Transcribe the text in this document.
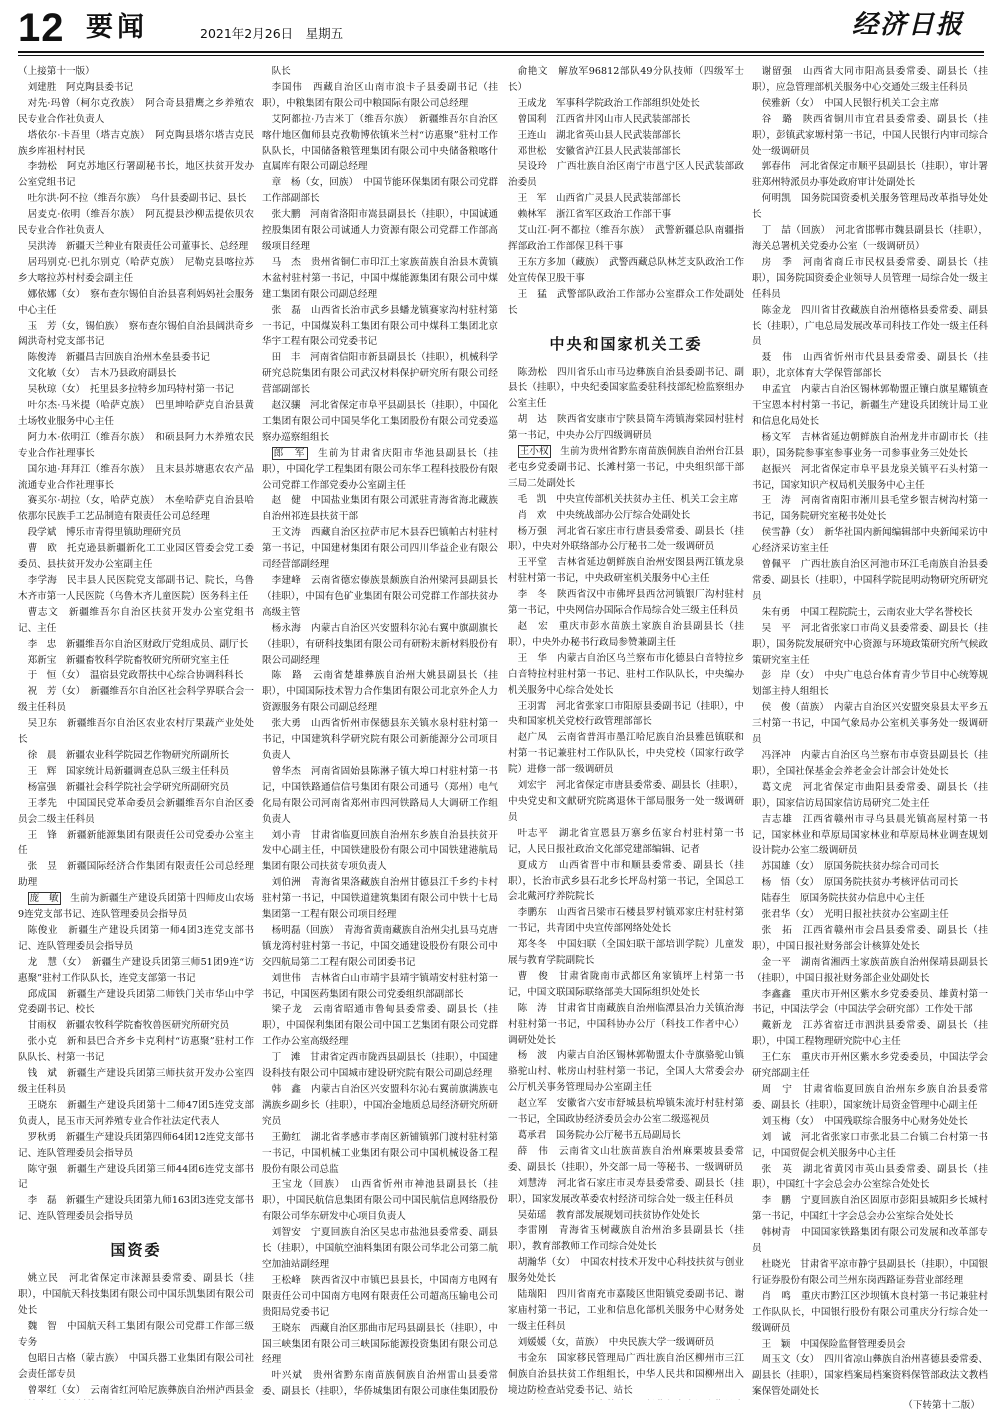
12 要闻	2021年2月26日　星期五	经济日报
（上接第十一版）

刘建胜　阿克陶县委书记

对先·玛曾（柯尔克孜族）　阿合奇县猎鹰之乡养殖农民专业合作社负责人

塔依尔·卡吾里（塔吉克族）　阿克陶县塔尔塔吉克民族乡库祖村村民

李勃松　阿克苏地区行署副秘书长，地区扶贫开发办公室党组书记

吐尔洪·阿不拉（维吾尔族）　乌什县委副书记、县长

居麦克·依明（维吾尔族）　阿瓦提县沙柳盂提依贝农民专业合作社负责人

吴洪涛　新疆天兰种业有限责任公司董事长、总经理

居玛别克·巴扎尔别克（哈萨克族）　尼勒克县喀拉苏乡大喀拉苏村村委会副主任

娜依娜（女）　察布查尔锡伯自治县喜利妈妈社会服务中心主任

玉　芳（女，锡伯族）　察布查尔锡伯自治县阔洪奇乡阔洪奇村党支部书记

陈俊涛　新疆昌吉回族自治州木垒县委书记

文化敏（女）　吉木乃县政府副县长

吴秋琼（女）　托里县多拉特乡加玛特村第一书记

叶尔杰·马米提（哈萨克族）　巴里坤哈萨克自治县黄土场牧业服务中心主任

阿力木·依明江（维吾尔族）　和硕县阿力木养殖农民专业合作社理事长

国尔迪·拜拜江（维吾尔族）　且末县苏塘惠农农产品流通专业合作社理事长

赛买尔·胡拉（女，哈萨克族）　木垒哈萨克自治县哈依那尔民族手工艺品制造有限责任公司总经理

段学斌　博乐市青得里镇助理研究员

曹　欧　托克逊县新疆新化工工业园区管委会党工委委员、县扶贫开发办公室副主任

李学海　民丰县人民医院党支部副书记、院长，乌鲁木齐市第一人民医院（乌鲁木齐儿童医院）医务科主任

曹志文　新疆维吾尔自治区扶贫开发办公室党组书记、主任

李　忠　新疆维吾尔自治区财政厅党组成员、副厅长

郑新宝　新疆畜牧科学院畜牧研究所研究室主任

于　恒（女）　温宿县党政帮扶中心综合协调科科长

祝　芳（女）　新疆维吾尔自治区社会科学界联合会一级主任科员

吴卫东　新疆维吾尔自治区农业农村厅果蔬产业处处长

徐　晨　新疆农业科学院园艺作物研究所副所长

王　辉　国家统计局新疆调查总队三级主任科员

杨富强　新疆社会科学院社会学研究所副研究员

王孝先　中国国民党革命委员会新疆维吾尔自治区委员会二级主任科员

王　锋　新疆新能源集团有限责任公司党委办公室主任

张　昱　新疆国际经济合作集团有限责任公司总经理助理

庞　敏　生前为新疆生产建设兵团第十四师皮山农场9连党支部书记、连队管理委员会指导员

陈俊业　新疆生产建设兵团第一师4团3连党支部书记、连队管理委员会指导员

龙　慧（女）　新疆生产建设兵团第三师51团9连“访惠聚”驻村工作队队长，连党支部第一书记

邱成国　新疆生产建设兵团第二师铁门关市华山中学党委副书记、校长

甘雨权　新疆农牧科学院畜牧兽医研究所研究员

张小克　新和县巴合齐乡卡克利村“访惠聚”驻村工作队队长、村第一书记

钱　斌　新疆生产建设兵团第三师扶贫开发办公室四级主任科员

王晓东　新疆生产建设兵团第十二师47团5连党支部负责人，昆玉市天河养殖专业合作社法定代表人

罗秋勇　新疆生产建设兵团第四师64团12连党支部书记、连队管理委员会指导员

陈守强　新疆生产建设兵团第三师44团6连党支部书记

李　磊　新疆生产建设兵团第九师163团3连党支部书记、连队管理委员会指导员

国资委

姚立民　河北省保定市涞源县委常委、副县长（挂职），中国航天科技集团有限公司中国乐凯集团有限公司处长

魏　智　中国航天科工集团有限公司党群工作部三级专务

包昭日古格（蒙古族）　中国兵器工业集团有限公司社会责任部专员

曾翠红（女）　云南省红河哈尼族彝族自治州泸西县金

队长

李国伟　西藏自治区山南市浪卡子县委副书记（挂职），中粮集团有限公司中粮国际有限公司总经理

艾阿都拉·乃吉米丁（维吾尔族）　新疆维吾尔自治区喀什地区伽师县克孜勒博依镇米兰村“访惠聚”驻村工作队队长，中国储备粮管理集团有限公司中央储备粮喀什直属库有限公司副总经理

章　杨（女，回族）　中国节能环保集团有限公司党群工作部副部长

张大鹏　河南省洛阳市嵩县副县长（挂职），中国诚通控股集团有限公司诚通人力资源有限公司党群工作部高级项目经理

马　杰　贵州省铜仁市印江土家族苗族自治县木黄镇木盆村驻村第一书记，中国中煤能源集团有限公司中煤建工集团有限公司副总经理

张　磊　山西省长治市武乡县蟠龙镇赛家沟村驻村第一书记，中国煤炭科工集团有限公司中煤科工集团北京华宇工程有限公司党委书记

田　丰　河南省信阳市新县副县长（挂职），机械科学研究总院集团有限公司武汉材料保护研究所有限公司经营部副部长

赵汉骧　河北省保定市阜平县副县长（挂职），中国化工集团有限公司中国昊华化工集团股份有限公司党委巡察办巡察组组长

郎　军　生前为甘肃省庆阳市华池县副县长（挂职），中国化学工程集团有限公司东华工程科技股份有限公司党群工作部党委办公室副主任

赵　健　中国盐业集团有限公司派驻青海省海北藏族自治州祁连县扶贫干部

王文涛　西藏自治区拉萨市尼木县吞巴镇帕古村驻村第一书记，中国建材集团有限公司四川华益企业有限公司经营部副经理

李建峰　云南省德宏傣族景颇族自治州梁河县副县长（挂职），中国有色矿业集团有限公司党群工作部扶贫办高级主管

杨永海　内蒙古自治区兴安盟科尔沁右翼中旗副旗长（挂职），有研科技集团有限公司有研粉末新材料股份有限公司副经理

陈　路　云南省楚雄彝族自治州大姚县副县长（挂职），中国国际技术智力合作集团有限公司北京外企人力资源服务有限公司副总经理

张大勇　山西省忻州市保德县东关镇水泉村驻村第一书记，中国建筑科学研究院有限公司新能源分公司项目负责人

曾华杰　河南省固始县陈淋子镇大埠口村驻村第一书记，中国铁路通信信号集团有限公司通号（郑州）电气化局有限公司河南省郑州市四河铁路局人大调研工作组负责人

刘小青　甘肃省临夏回族自治州东乡族自治县扶贫开发中心副主任，中国铁建股份有限公司中国铁建港航局集团有限公司扶贫专项负责人

刘伯洲　青海省果洛藏族自治州甘德县江千乡约卡村驻村第一书记，中国铁道建筑集团有限公司中铁十七局集团第一工程有限公司项目经理

杨明磊（回族）　青海省黄南藏族自治州尖扎县马克唐镇龙湾村驻村第一书记，中国交通建设股份有限公司中交四航局第二工程有限公司团委书记

刘世伟　吉林省白山市靖宇县靖宇镇靖安村驻村第一书记，中国医药集团有限公司党委组织部副部长

梁子龙　云南省昭通市鲁甸县委常委、副县长（挂职），中国保利集团有限公司中国工艺集团有限公司党群工作办公室高级经理

丁　滩　甘肃省定西市陇西县副县长（挂职），中国建设科技有限公司中国城市建设研究院有限公司副总经理

韩　鑫　内蒙古自治区兴安盟科尔沁右翼前旗满族屯满族乡副乡长（挂职），中国冶金地质总局经济研究所研究员

王勤红　湖北省孝感市孝南区新铺镇郭门渡村驻村第一书记，中国机械工业集团有限公司中国机械设备工程股份有限公司总监

王宝龙（回族）　山西省忻州市神池县副县长（挂职），中国民航信息集团有限公司中国民航信息网络股份有限公司华东研发中心项目负责人

刘智安　宁夏回族自治区吴忠市盐池县委常委、副县长（挂职），中国航空油料集团有限公司华北公司第二航空加油站副经理

王松峰　陕西省汉中市镇巴县县长，中国南方电网有限责任公司中国南方电网有限责任公司超高压输电公司贵阳局党委书记

王晓东　西藏自治区那曲市尼玛县副县长（挂职），中国三峡集团有限公司三峡国际能源投资集团有限公司总经理

叶兴斌　贵州省黔东南苗族侗族自治州雷山县委常委、副县长（挂职），华侨城集团有限公司康佳集团股份

俞艳文　解放军96812部队49分队技师（四级军士长）

王成龙　军事科学院政治工作部组织处处长

曾国利　江西省井冈山市人民武装部部长

王连山　湖北省英山县人民武装部部长

邓世松　安徽省泸江县人民武装部部长

吴设玲　广西壮族自治区南宁市邕宁区人民武装部政治委员

王　军　山西省广灵县人民武装部部长

赖林军　浙江省军区政治工作部干事

艾山江·阿不都拉（维吾尔族）　武警新疆总队南疆指挥部政治工作部保卫科干事

王东方多加（藏族）　武警西藏总队林芝支队政治工作处宣传保卫股干事

王　猛　武警部队政治工作部办公室群众工作处副处长

中央和国家机关工委

陈劲松　四川省乐山市马边彝族自治县委副书记、副县长（挂职），中央纪委国家监委驻科技部纪检监察组办公室主任

胡　达　陕西省安康市宁陕县筒车湾镇海棠园村驻村第一书记，中央办公厅四级调研员

王小权　生前为贵州省黔东南苗族侗族自治州台江县老屯乡党委副书记、长滩村第一书记，中央组织部干部三局二处副处长

毛　凯　中央宣传部机关扶贫办主任、机关工会主席

肖　欢　中央统战部办公厅综合处副处长

杨万强　河北省石家庄市行唐县委常委、副县长（挂职），中央对外联络部办公厅秘书二处一级调研员

王平堂　吉林省延边朝鲜族自治州安图县两江镇龙泉村驻村第一书记，中央政研室机关服务中心主任

李　冬　陕西省汉中市佛坪县西岔河镇银厂沟村驻村第一书记，中央网信办国际合作局综合处三级主任科员

赵　宏　重庆市彭水苗族土家族自治县副县长（挂职），中央外办秘书行政局参赞兼副主任

王　华　内蒙古自治区乌兰察布市化德县白音特拉乡白音特拉村驻村第一书记、驻村工作队队长，中央编办机关服务中心综合处处长

王羽霄　河北省张家口市阳原县委副书记（挂职），中央和国家机关党校行政管理部部长

赵广凤　云南省普洱市墨江哈尼族自治县雅邑镇联和村第一书记兼驻村工作队队长，中央党校（国家行政学院）进修一部一级调研员

刘宏宇　河北省保定市唐县委常委、副县长（挂职），中央党史和文献研究院离退休干部局服务一处一级调研员

叶志平　湖北省宣恩县万寨乡伍家台村驻村第一书记，人民日报社政治文化部党建部编辑、记者

夏成方　山西省晋中市和顺县委常委、副县长（挂职），长治市武乡县石北乡长坪岛村第一书记，全国总工会北戴河疗养院院长

李鹏东　山西省吕梁市石楼县罗村镇邓家庄村驻村第一书记，共青团中央宣传部网络处处长

郑冬冬　中国妇联（全国妇联干部培训学院）儿童发展与教育学院副院长

曹　俊　甘肃省陇南市武都区角家镇坪上村第一书记，中国文联国际联络部美大国际组织处处长

陈　涛　甘肃省甘南藏族自治州临潭县冶力关镇治海村驻村第一书记，中国科协办公厅（科技工作者中心）调研处处长

杨　波　内蒙古自治区锡林郭勒盟太仆寺旗骆驼山镇骆驼山村、帐房山村驻村第一书记，全国人大常委会办公厅机关事务管理局办公室副主任

赵立军　安徽省六安市舒城县杭埠镇朱流圩村驻村第一书记，全国政协经济委员会办公室二级巡视员

葛承君　国务院办公厅秘书五局副局长

薛　伟　云南省文山壮族苗族自治州麻栗坡县委常委、副县长（挂职），外交部一局一等秘书、一级调研员

刘慧涛　河北省石家庄市灵寿县委常委、副县长（挂职），国家发展改革委农村经济司综合处一级主任科员

吴茹瑶　教育部发展规划司扶贫协作处处长

李雷刚　青海省玉树藏族自治州治多县副县长（挂职），教育部教师工作司综合处处长

胡瀚华（女）　中国农村技术开发中心科技扶贫与创业服务处处长

陆瑞阳　四川省南充市嘉陵区世阳镇党委副书记、谢家庙村第一书记，工业和信息化部机关服务中心财务处一级主任科员

刘媛媛（女，苗族）　中央民族大学一级调研员

韦金东　国家移民管理局广西壮族自治区柳州市三江侗族自治县扶贫工作组组长，中华人民共和国柳州出入境边防检查站党委书记、站长

谢留强　山西省大同市阳高县委常委、副县长（挂职），应急管理部机关服务中心交通处三级主任科员

侯雅新（女）　中国人民银行机关工会主席

谷　璐　陕西省铜川市宜君县委常委、副县长（挂职），彭镇武家塬村第一书记，中国人民银行内审司综合处一级调研员

郭春伟　河北省保定市顺平县副县长（挂职），审计署驻郑州特派员办事处政府审计处副处长

何明凯　国务院国资委机关服务管理局改革指导处处长

丁　喆（回族）　河北省邯郸市魏县副县长（挂职），海关总署机关党委办公室（一级调研员）

房　季　河南省商丘市民权县委常委、副县长（挂职），国务院国资委企业领导人员管理一局综合处一级主任科员

陈金龙　四川省甘孜藏族自治州德格县委常委、副县长（挂职），广电总局发展改革司科技工作处一级主任科员

聂　伟　山西省忻州市代县县委常委、副县长（挂职），北京体育大学保管部部长

申孟宜　内蒙古自治区锡林郭勒盟正镶白旗星耀镇查干宝恩本村村第一书记，新疆生产建设兵团统计局工业和信息化局处长

杨文军　吉林省延边朝鲜族自治州龙井市副市长（挂职），国务院参事室参事业务一司参事业务三处处长

赵振兴　河北省保定市阜平县龙泉关镇平石头村第一书记，国家知识产权局机关服务中心主任

王　涛　河南省南阳市淅川县毛堂乡银吉树沟村第一书记，国务院研究室秘书处处长

侯雪静（女）　新华社国内新闻编辑部中央新闻采访中心经济采访室主任

曾佩平　广西壮族自治区河池市环江毛南族自治县委常委、副县长（挂职），中国科学院昆明动物研究所研究员

朱有勇　中国工程院院士，云南农业大学名誉校长

吴　平　河北省张家口市尚义县委常委、副县长（挂职），国务院发展研究中心资源与环境政策研究所气候政策研究室主任

彭　岸（女）　中央广电总台体育青少节目中心统筹规划部主持人组组长

侯　俊（苗族）　内蒙古自治区兴安盟突泉县太平乡五三村第一书记，中国气象局办公室机关事务处一级调研员

冯泽冲　内蒙古自治区乌兰察布市卓资县副县长（挂职），全国社保基金会养老金会计部会计处处长

葛文虎　河北省保定市曲阳县委常委、副县长（挂职），国家信访局国家信访局研究二处主任

吉志雄　江西省赣州市寻乌县晨光镇高屋村第一书记，国家林业和草原局国家林业和草原局林业调查规划设计院办公室二级调研员

苏国雄（女）　原国务院扶贫办综合司司长

杨　悟（女）　原国务院扶贫办考核评估司司长

陆春生　原国务院扶贫办信息中心主任

张君华（女）　光明日报社扶贫办公室副主任

张　拓　江西省赣州市会昌县委常委、副县长（挂职），中国日报社财务部会计核算处处长

金一平　湖南省湘西土家族苗族自治州保靖县副县长（挂职），中国日报社财务部企业处副处长

李鑫鑫　重庆市开州区紫水乡党委委员、雄黄村第一书记，中国法学会（中国法学会研究部）工作处干部

戴新龙　江苏省宿迁市泗洪县委常委、副县长（挂职），中国工程物理研究院中心主任

王仁东　重庆市开州区紫水乡党委委员，中国法学会研究部副主任

周　宁　甘肃省临夏回族自治州东乡族自治县委常委、副县长（挂职），国家统计局资金管理中心副主任

刘玉梅（女）　中国残联综合服务中心财务处处长

刘　诚　河北省张家口市张北县二台镇二台村第一书记，中国贸促会机关服务中心主任

张　英　湖北省黄冈市英山县委常委、副县长（挂职），中国红十字会总会办公室综合处处长

李　鹏　宁夏回族自治区固原市彭阳县城阳乡长城村第一书记，中国红十字会总会办公室综合处处长

韩树青　中国国家铁路集团有限公司发展和改革部专员

杜晓光　甘肃省平凉市静宁县副县长（挂职），中国银行证券股份有限公司兰州东岗西路证券营业部经理

肖　鸣　重庆市黔江区沙坝镇木良村第一书记兼驻村工作队队长，中国银行股份有限公司重庆分行综合处一级调研员

王　颖　中国保险监督管理委员会

周玉文（女）　四川省凉山彝族自治州喜德县委常委、副县长（挂职），国家档案局档案资料保管部政法文教档案保管处副处长

（下转第十二版）
